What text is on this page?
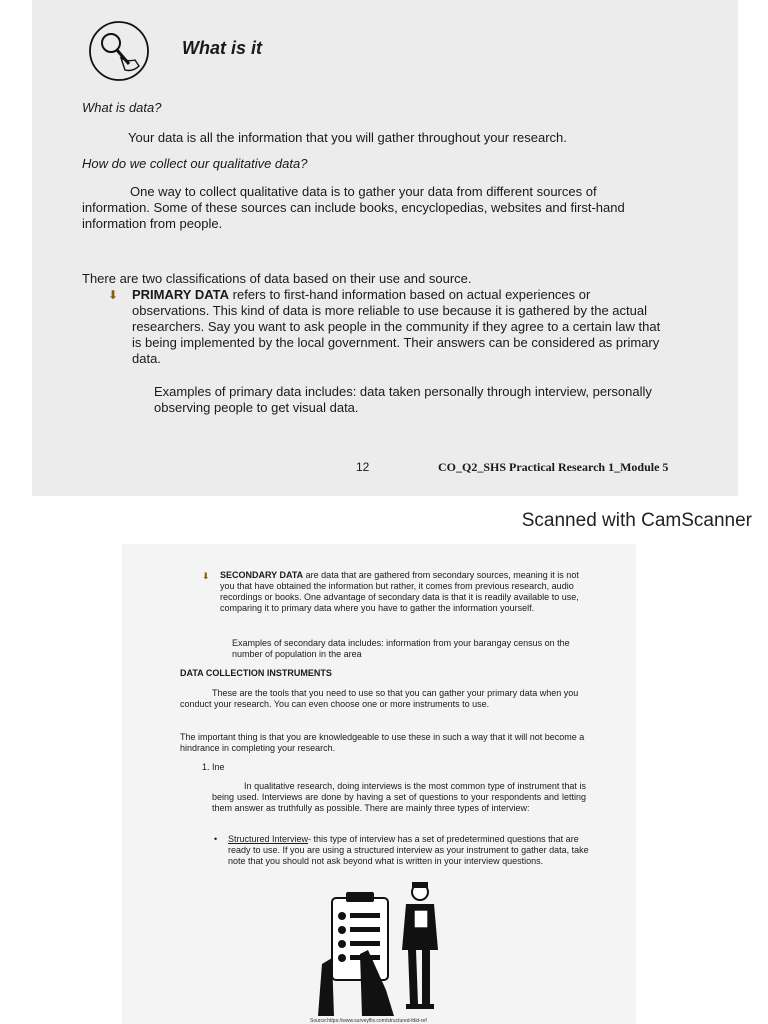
What is it
What is data?
Your data is all the information that you will gather throughout your research.
How do we collect our qualitative data?
One way to collect qualitative data is to gather your data from different sources of information. Some of these sources can include books, encyclopedias, websites and first-hand information from people.
There are two classifications of data based on their use and source.
⬇ PRIMARY DATA refers to first-hand information based on actual experiences or observations. This kind of data is more reliable to use because it is gathered by the actual researchers. Say you want to ask people in the community if they agree to a certain law that is being implemented by the local government. Their answers can be considered as primary data.
Examples of primary data includes: data taken personally through interview, personally observing people to get visual data.
12	CO_Q2_SHS Practical Research 1_Module 5
Scanned with CamScanner
⬇ SECONDARY DATA are data that are gathered from secondary sources, meaning it is not you that have obtained the information but rather, it comes from previous research, audio recordings or books. One advantage of secondary data is that it is readily available to use, comparing it to primary data where you have to gather the information yourself.
Examples of secondary data includes: information from your barangay census on the number of population in the area
DATA COLLECTION INSTRUMENTS
These are the tools that you need to use so that you can gather your primary data when you conduct your research. You can even choose one or more instruments to use.
The important thing is that you are knowledgeable to use these in such a way that it will not become a hindrance in completing your research.
1. Ine
In qualitative research, doing interviews is the most common type of instrument that is being used. Interviews are done by having a set of questions to your respondents and letting them answer as truthfully as possible. There are mainly three types of interview:
• Structured Interview- this type of interview has a set of predetermined questions that are ready to use. If you are using a structured interview as your instrument to gather data, take note that you should not ask beyond what is written in your interview questions.
Source:https://www.surveyflix.com/structured-fdid-ref
